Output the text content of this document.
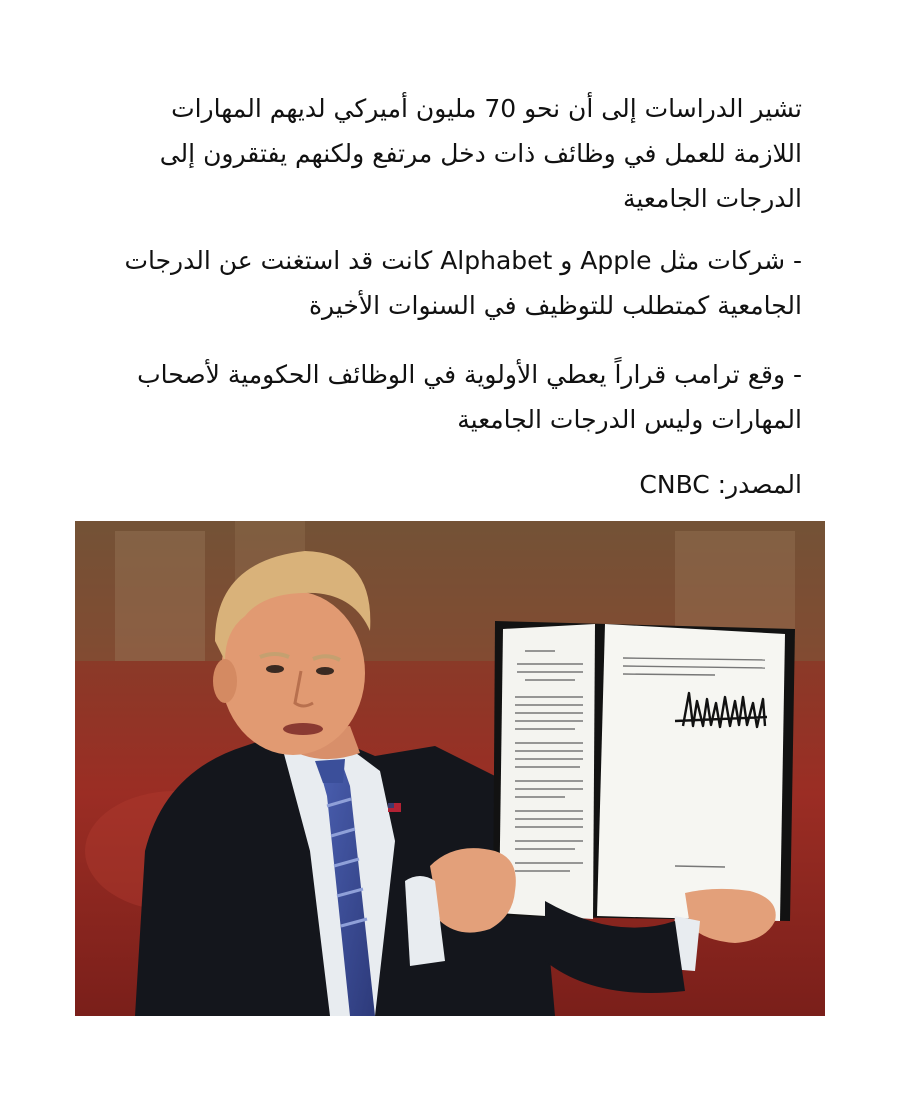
تشير الدراسات إلى أن نحو 70 مليون أميركي لديهم المهارات اللازمة للعمل في وظائف ذات دخل مرتفع ولكنهم يفتقرون إلى الدرجات الجامعية
- شركات مثل Apple و Alphabet كانت قد استغنت عن الدرجات الجامعية كمتطلب للتوظيف في السنوات الأخيرة
- وقع ترامب قراراً يعطي الأولوية في الوظائف الحكومية لأصحاب المهارات وليس الدرجات الجامعية
المصدر: CNBC
